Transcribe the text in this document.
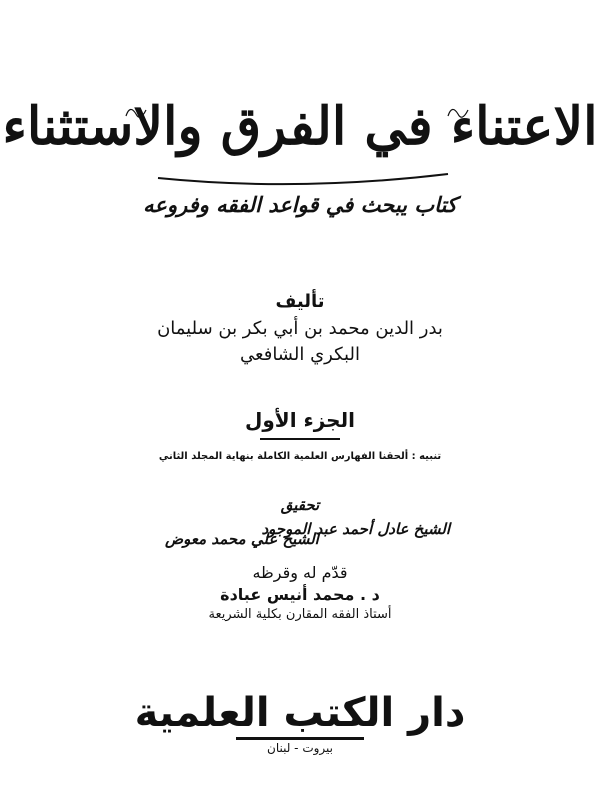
الاعتناء في الفرق والاستثناء
كتاب يبحث في قواعد الفقه وفروعه
تأليف
بدر الدين محمد بن أبي بكر بن سليمان
البكري الشافعي
الجزء الأول
تنبيه : ألحقنا الفهارس العلمية الكاملة بنهاية المجلد الثاني
تحقيق
الشيخ عادل أحمد عبد الموجود
الشيخ علي محمد معوض
قدّم له وقرظه
د . محمد أنيس عبادة
أستاذ الفقه المقارن بكلية الشريعة
دار الكتب العلمية
بيروت - لبنان
